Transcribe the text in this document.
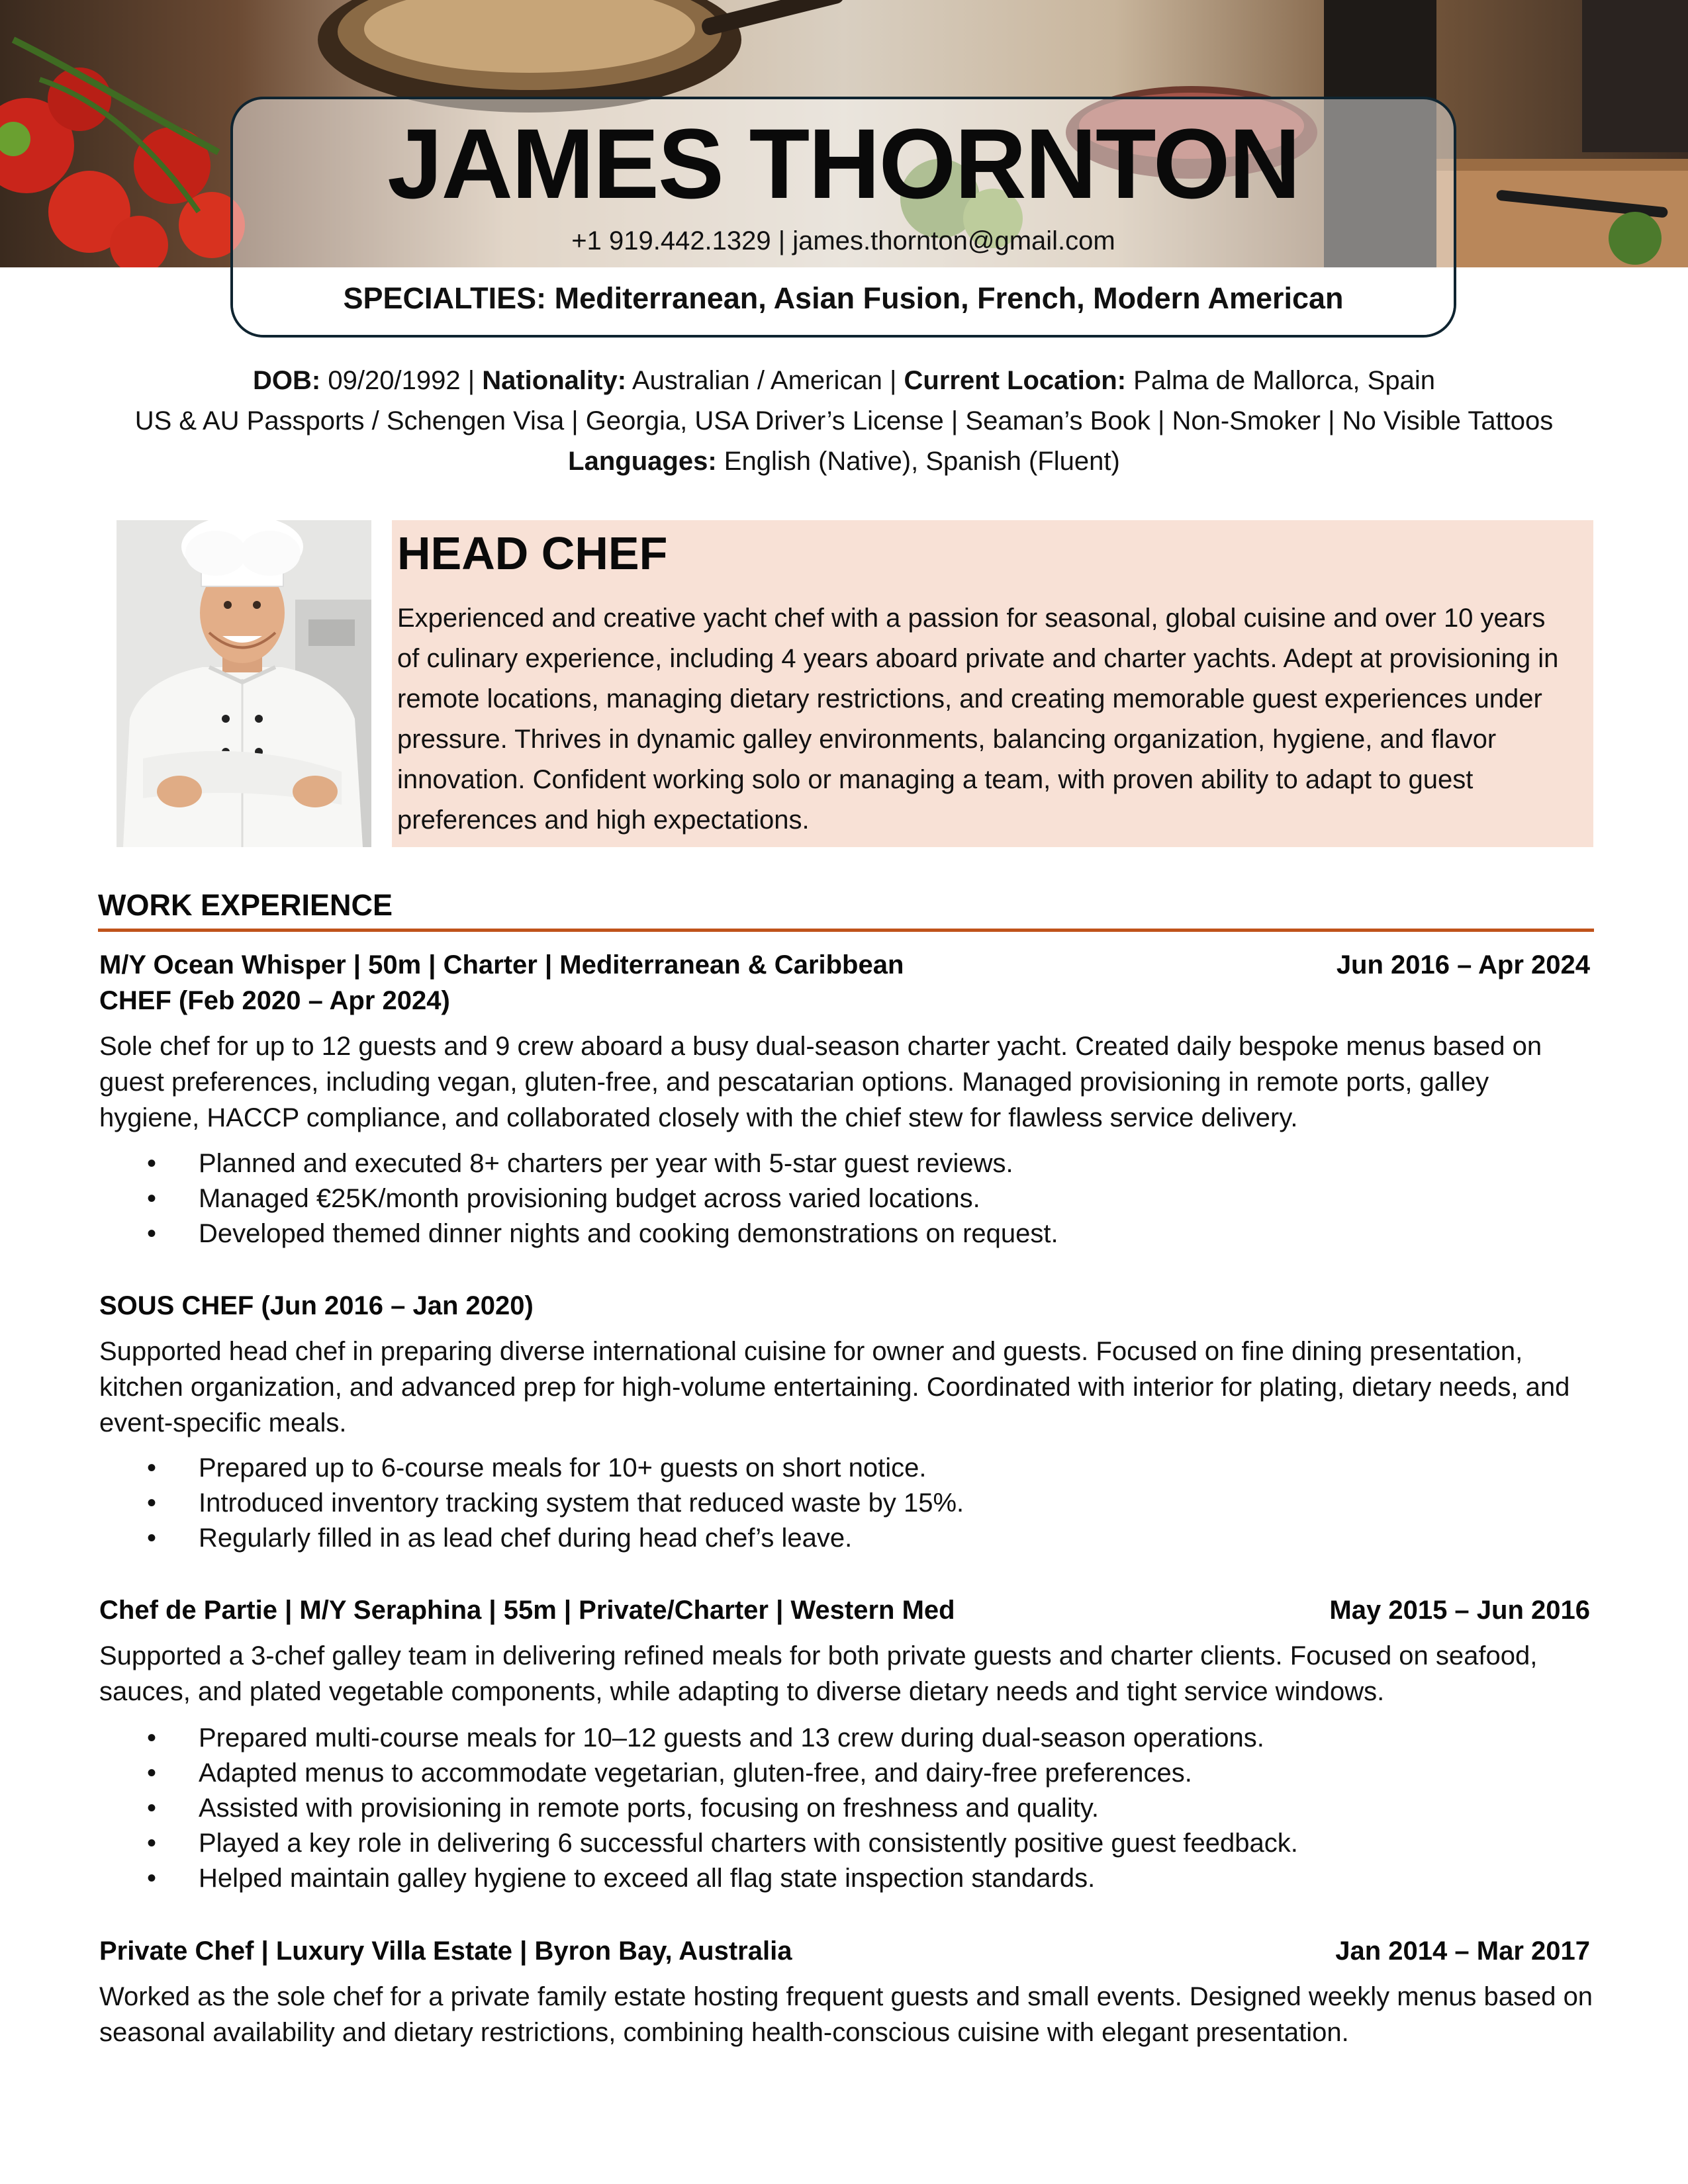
JAMES THORNTON
+1 919.442.1329 | james.thornton@gmail.com
SPECIALTIES: Mediterranean, Asian Fusion, French, Modern American
DOB: 09/20/1992 | Nationality: Australian / American | Current Location: Palma de Mallorca, Spain
US & AU Passports / Schengen Visa | Georgia, USA Driver’s License | Seaman’s Book | Non-Smoker | No Visible Tattoos
Languages: English (Native), Spanish (Fluent)
HEAD CHEF
Experienced and creative yacht chef with a passion for seasonal, global cuisine and over 10 years of culinary experience, including 4 years aboard private and charter yachts. Adept at provisioning in remote locations, managing dietary restrictions, and creating memorable guest experiences under pressure. Thrives in dynamic galley environments, balancing organization, hygiene, and flavor innovation. Confident working solo or managing a team, with proven ability to adapt to guest preferences and high expectations.
WORK EXPERIENCE
M/Y Ocean Whisper | 50m | Charter | Mediterranean & Caribbean	Jun 2016 – Apr 2024
CHEF (Feb 2020 – Apr 2024)
Sole chef for up to 12 guests and 9 crew aboard a busy dual-season charter yacht. Created daily bespoke menus based on guest preferences, including vegan, gluten-free, and pescatarian options. Managed provisioning in remote ports, galley hygiene, HACCP compliance, and collaborated closely with the chief stew for flawless service delivery.
• Planned and executed 8+ charters per year with 5-star guest reviews.
• Managed €25K/month provisioning budget across varied locations.
• Developed themed dinner nights and cooking demonstrations on request.
SOUS CHEF (Jun 2016 – Jan 2020)
Supported head chef in preparing diverse international cuisine for owner and guests. Focused on fine dining presentation, kitchen organization, and advanced prep for high-volume entertaining. Coordinated with interior for plating, dietary needs, and event-specific meals.
• Prepared up to 6-course meals for 10+ guests on short notice.
• Introduced inventory tracking system that reduced waste by 15%.
• Regularly filled in as lead chef during head chef’s leave.
Chef de Partie | M/Y Seraphina | 55m | Private/Charter | Western Med	May 2015 – Jun 2016
Supported a 3-chef galley team in delivering refined meals for both private guests and charter clients. Focused on seafood, sauces, and plated vegetable components, while adapting to diverse dietary needs and tight service windows.
• Prepared multi-course meals for 10–12 guests and 13 crew during dual-season operations.
• Adapted menus to accommodate vegetarian, gluten-free, and dairy-free preferences.
• Assisted with provisioning in remote ports, focusing on freshness and quality.
• Played a key role in delivering 6 successful charters with consistently positive guest feedback.
• Helped maintain galley hygiene to exceed all flag state inspection standards.
Private Chef | Luxury Villa Estate | Byron Bay, Australia	Jan 2014 – Mar 2017
Worked as the sole chef for a private family estate hosting frequent guests and small events. Designed weekly menus based on seasonal availability and dietary restrictions, combining health-conscious cuisine with elegant presentation.
